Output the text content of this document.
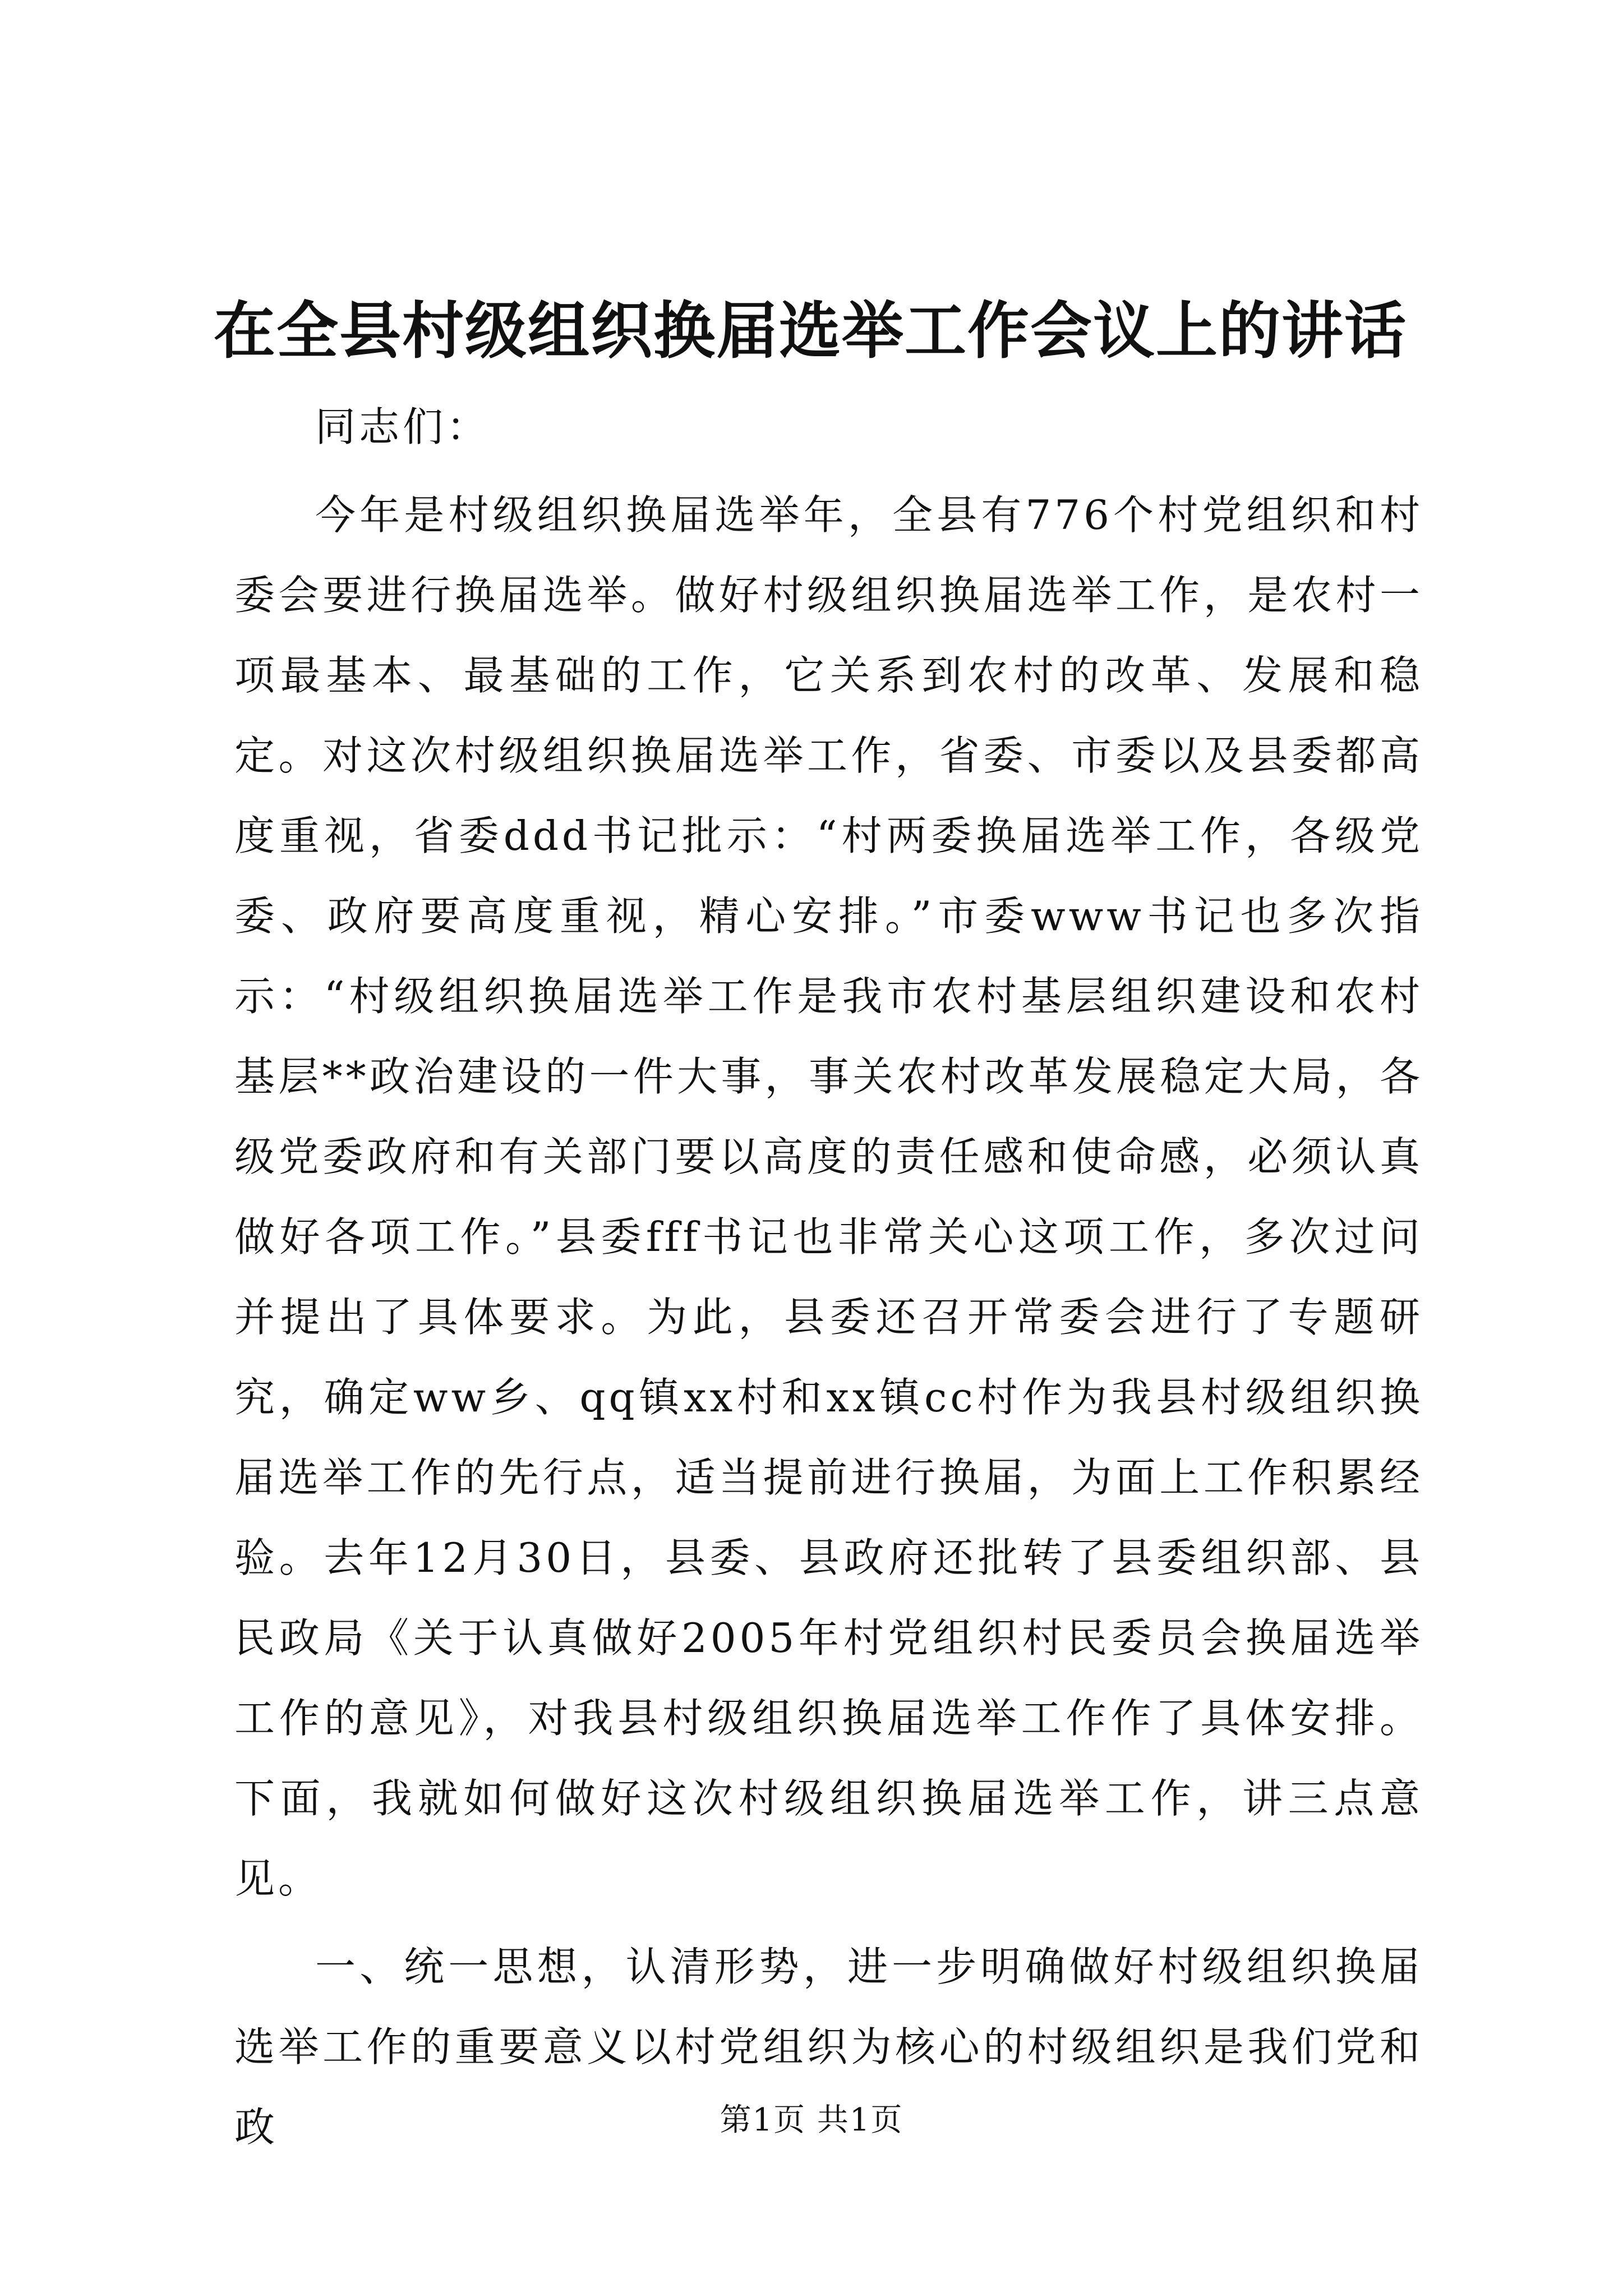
在全县村级组织换届选举工作会议上的讲话

同志们：

今年是村级组织换届选举年，全县有776个村党组织和村委会要进行换届选举。做好村级组织换届选举工作，是农村一项最基本、最基础的工作，它关系到农村的改革、发展和稳定。对这次村级组织换届选举工作，省委、市委以及县委都高度重视，省委ddd书记批示：“村两委换届选举工作，各级党委、政府要高度重视，精心安排。”市委www书记也多次指示：“村级组织换届选举工作是我市农村基层组织建设和农村基层**政治建设的一件大事，事关农村改革发展稳定大局，各级党委政府和有关部门要以高度的责任感和使命感，必须认真做好各项工作。”县委fff书记也非常关心这项工作，多次过问并提出了具体要求。为此，县委还召开常委会进行了专题研究，确定ww乡、qq镇xx村和xx镇cc村作为我县村级组织换届选举工作的先行点，适当提前进行换届，为面上工作积累经验。去年12月30日，县委、县政府还批转了县委组织部、县民政局《关于认真做好2005年村党组织村民委员会换届选举工作的意见》，对我县村级组织换届选举工作作了具体安排。下面，我就如何做好这次村级组织换届选举工作，讲三点意见。

一、统一思想，认清形势，进一步明确做好村级组织换届选举工作的重要意义以村党组织为核心的村级组织是我们党和政	第1页 共1页
